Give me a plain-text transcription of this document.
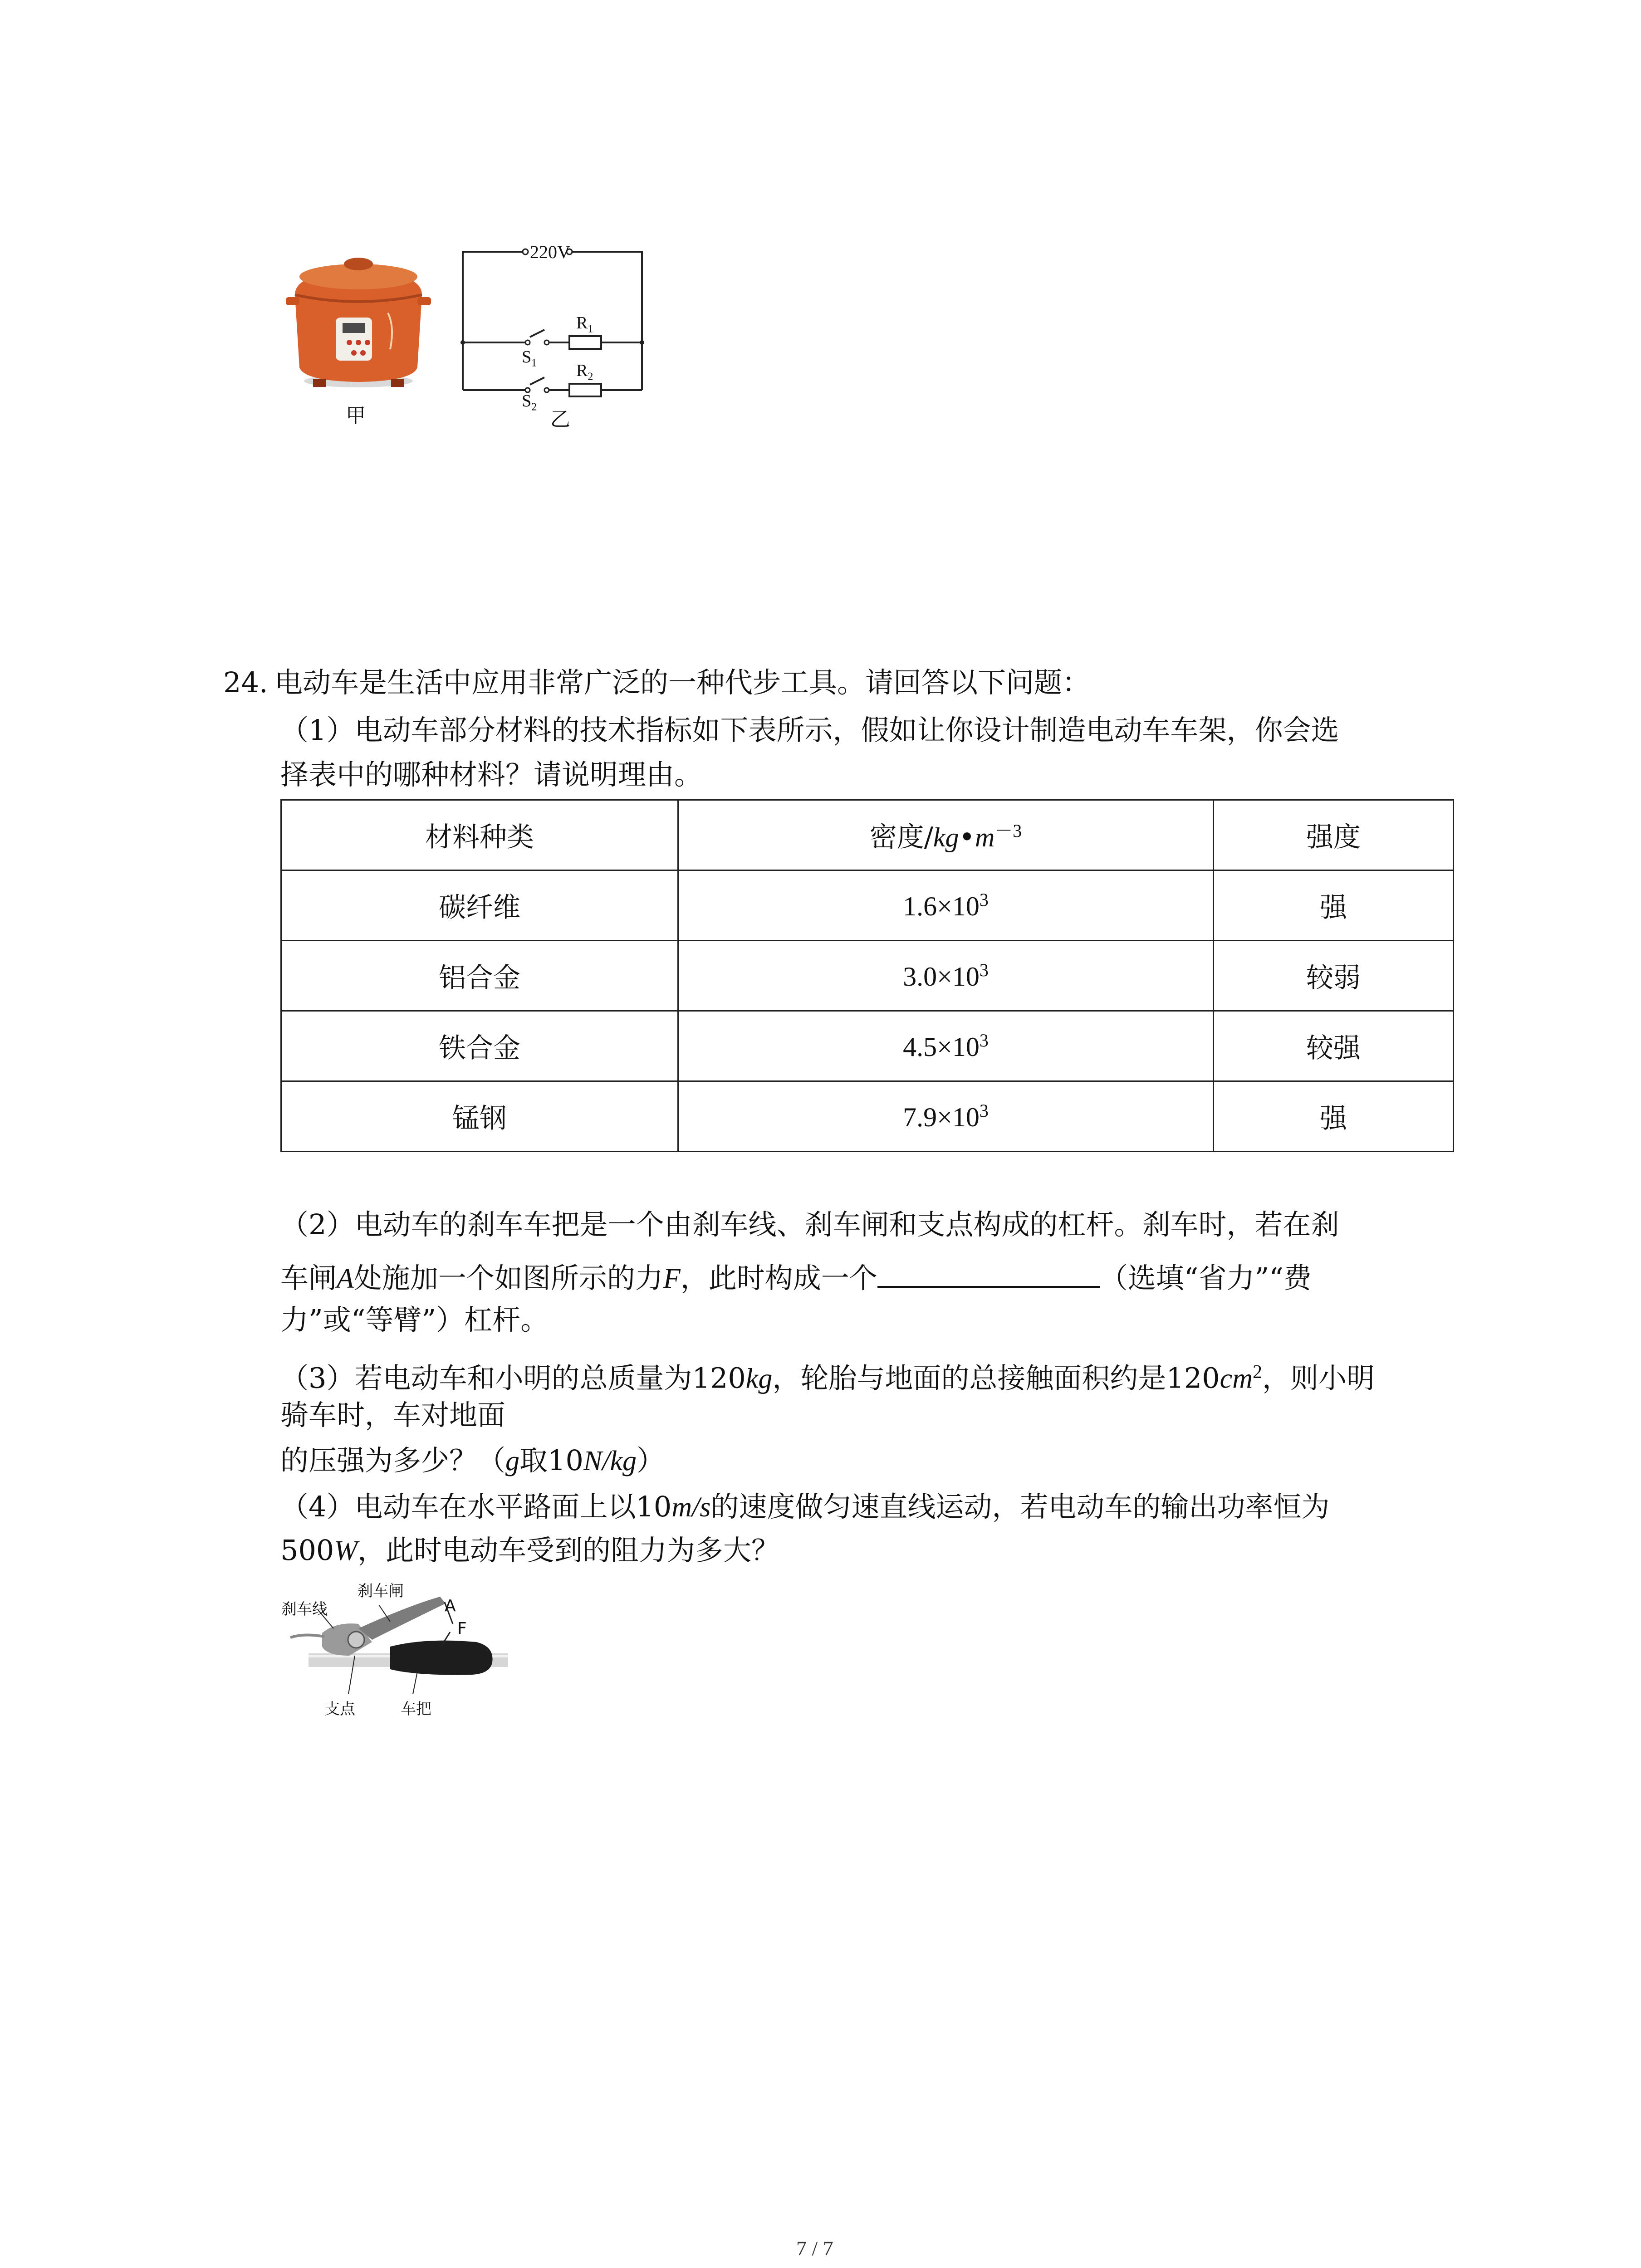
甲
220V
$R_1$
$S_1$ $R_2$
$S_2$
乙
24. 电动车是生活中应用非常广泛的一种代步工具。请回答以下问题：
（1）电动车部分材料的技术指标如下表所示，假如让你设计制造电动车车架，你会选
择表中的哪种材料？请说明理由。
材料种类	密度$/kg•m^{-3}$	强度
碳纤维	$1.6\times 10^3$	强
铝合金	$3.0\times 10^3$	较弱
铁合金	$4.5\times 10^3$	较强
锰钢	$7.9\times 10^3$	强
（2）电动车的刹车车把是一个由刹车线、刹车闸和支点构成的杠杆。刹车时，若在刹
车闸A处施加一个如图所示的力F，此时构成一个	（选填“省力”“费
力”或“等臂”）杠杆。
（3）若电动车和小明的总质量为120kg，轮胎与地面的总接触面积约是$120cm^2$，则小明
骑车时，车对地面
的压强为多少？（g取10N/kg）
（4）电动车在水平路面上以10m/s的速度做匀速直线运动，若电动车的输出功率恒为
500W，此时电动车受到的阻力为多大？
刹车线
刹车闸
A
F
支点	车把
7 / 7
